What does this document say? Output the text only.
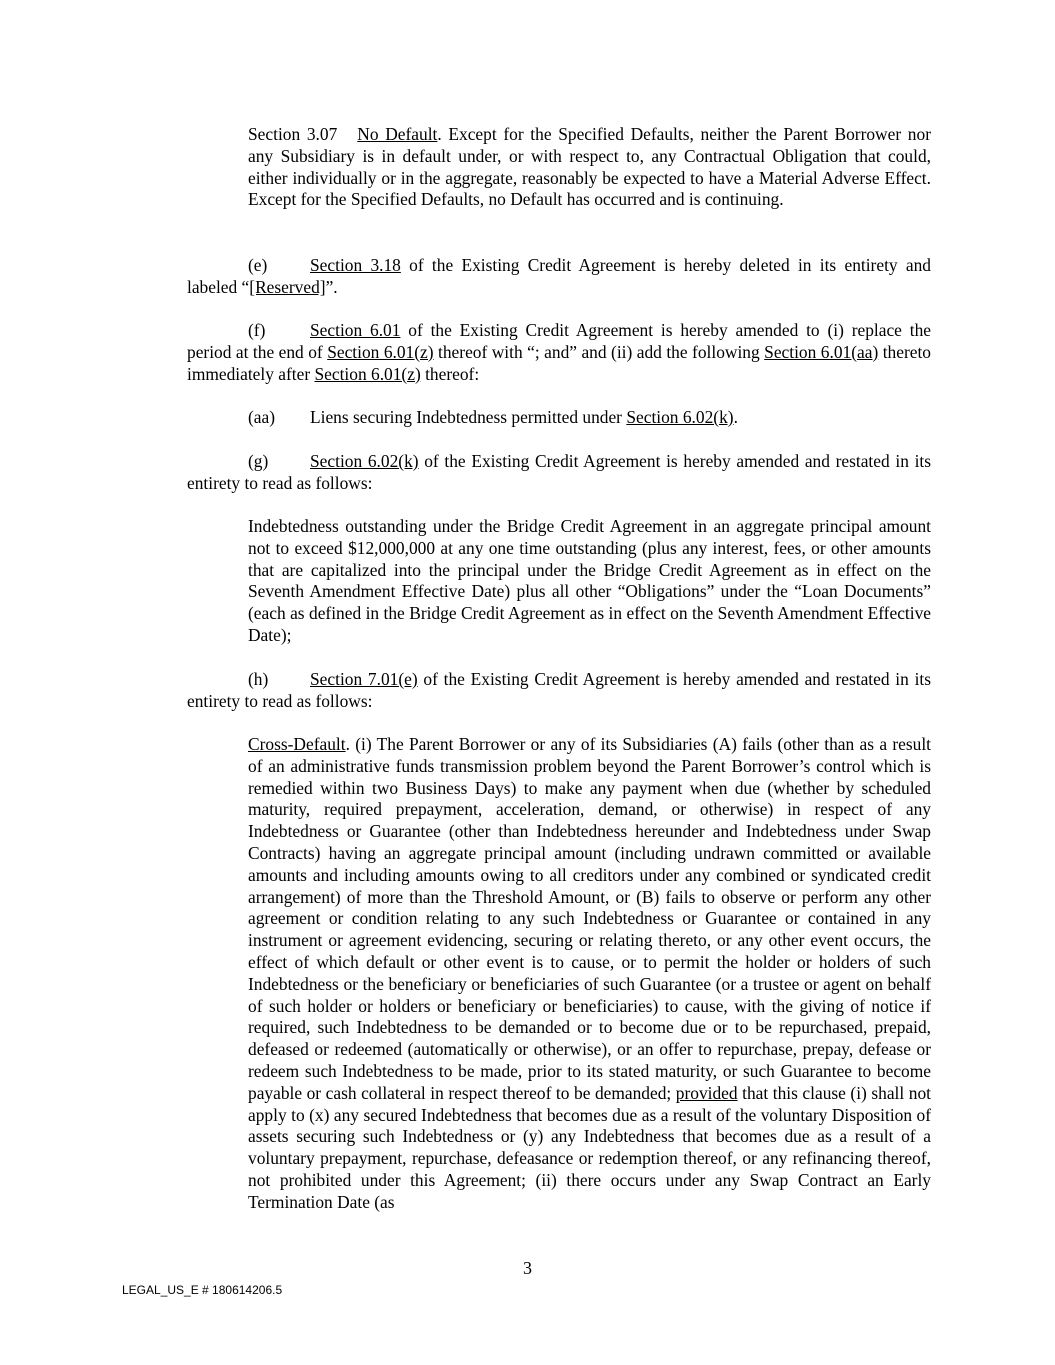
Section 3.07 No Default. Except for the Specified Defaults, neither the Parent Borrower nor any Subsidiary is in default under, or with respect to, any Contractual Obligation that could, either individually or in the aggregate, reasonably be expected to have a Material Adverse Effect. Except for the Specified Defaults, no Default has occurred and is continuing.
(e) Section 3.18 of the Existing Credit Agreement is hereby deleted in its entirety and labeled “[Reserved]”.
(f)	Section 6.01 of the Existing Credit Agreement is hereby amended to (i) replace the period at the end of Section 6.01(z) thereof with “; and” and (ii) add the following Section 6.01(aa) thereto immediately after Section 6.01(z) thereof:
(aa) Liens securing Indebtedness permitted under Section 6.02(k).
(g) Section 6.02(k) of the Existing Credit Agreement is hereby amended and restated in its entirety to read as follows:
Indebtedness outstanding under the Bridge Credit Agreement in an aggregate principal amount not to exceed $12,000,000 at any one time outstanding (plus any interest, fees, or other amounts that are capitalized into the principal under the Bridge Credit Agreement as in effect on the Seventh Amendment Effective Date) plus all other “Obligations” under the “Loan Documents” (each as defined in the Bridge Credit Agreement as in effect on the Seventh Amendment Effective Date);
(h) Section 7.01(e) of the Existing Credit Agreement is hereby amended and restated in its entirety to read as follows:
Cross-Default. (i) The Parent Borrower or any of its Subsidiaries (A) fails (other than as a result of an administrative funds transmission problem beyond the Parent Borrower’s control which is remedied within two Business Days) to make any payment when due (whether by scheduled maturity, required prepayment, acceleration, demand, or otherwise) in respect of any Indebtedness or Guarantee (other than Indebtedness hereunder and Indebtedness under Swap Contracts) having an aggregate principal amount (including undrawn committed or available amounts and including amounts owing to all creditors under any combined or syndicated credit arrangement) of more than the Threshold Amount, or (B) fails to observe or perform any other agreement or condition relating to any such Indebtedness or Guarantee or contained in any instrument or agreement evidencing, securing or relating thereto, or any other event occurs, the effect of which default or other event is to cause, or to permit the holder or holders of such Indebtedness or the beneficiary or beneficiaries of such Guarantee (or a trustee or agent on behalf of such holder or holders or beneficiary or beneficiaries) to cause, with the giving of notice if required, such Indebtedness to be demanded or to become due or to be repurchased, prepaid, defeased or redeemed (automatically or otherwise), or an offer to repurchase, prepay, defease or redeem such Indebtedness to be made, prior to its stated maturity, or such Guarantee to become payable or cash collateral in respect thereof to be demanded; provided that this clause (i) shall not apply to (x) any secured Indebtedness that becomes due as a result of the voluntary Disposition of assets securing such Indebtedness or (y) any Indebtedness that becomes due as a result of a voluntary prepayment, repurchase, defeasance or redemption thereof, or any refinancing thereof, not prohibited under this Agreement; (ii) there occurs under any Swap Contract an Early Termination Date (as
3
LEGAL_US_E # 180614206.5
